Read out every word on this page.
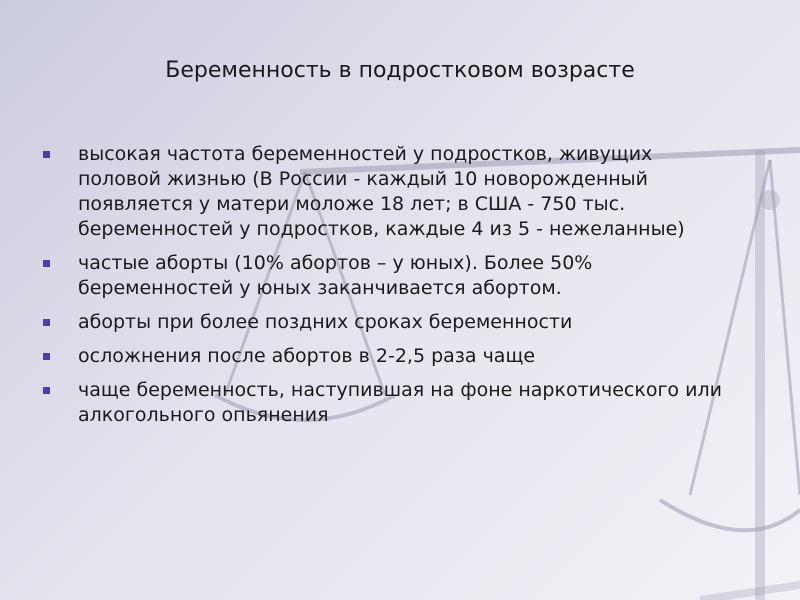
Беременность в подростковом возрасте
высокая частота беременностей у подростков, живущих половой жизнью (В России - каждый 10 новорожденный появляется у матери моложе 18 лет; в США - 750 тыс. беременностей у подростков, каждые 4 из 5 - нежеланные)
частые аборты (10% абортов – у юных). Более 50% беременностей у юных заканчивается абортом.
аборты при более поздних сроках беременности
осложнения после абортов в 2-2,5 раза чаще
чаще беременность, наступившая на фоне наркотического или алкогольного опьянения
